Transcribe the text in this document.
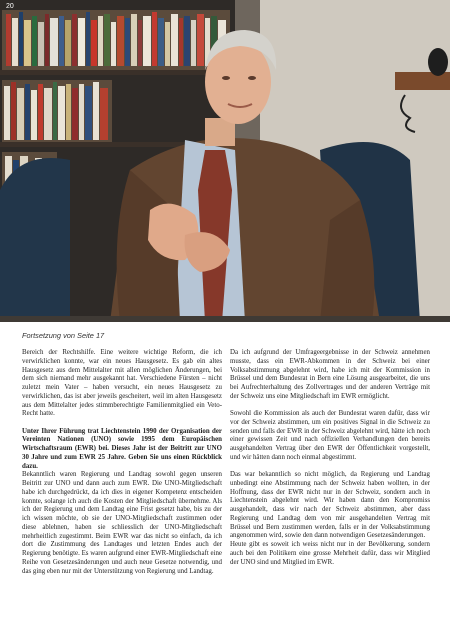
20
Fortsetzung von Seite 17

Bereich der Rechtshilfe. Eine weitere wichtige Reform, die ich verwirklichen konnte, war ein neues Hausgesetz. Es gab ein altes Hausgesetz aus dem Mittelalter mit allen möglichen Änderungen, bei dem sich niemand mehr ausgekannt hat. Verschiedene Fürsten – nicht zuletzt mein Vater – haben versucht, ein neues Hausgesetz zu verwirklichen, das ist aber jeweils gescheitert, weil im alten Hausgesetz aus dem Mittelalter jedes stimmberechtigte Familienmitglied ein Veto-Recht hatte.

Unter Ihrer Führung trat Liechtenstein 1990 der Organisation der Vereinten Nationen (UNO) sowie 1995 dem Europäischen Wirtschaftsraum (EWR) bei. Dieses Jahr ist der Beitritt zur UNO 30 Jahre und zum EWR 25 Jahre. Geben Sie uns einen Rückblick dazu.

Bekanntlich waren Regierung und Landtag sowohl gegen unseren Beitritt zur UNO und dann auch zum EWR. Die UNO-Mitgliedschaft habe ich durchgedrückt, da ich dies in eigener Kompetenz entscheiden konnte, solange ich auch die Kosten der Mitgliedschaft übernehme. Als ich der Regierung und dem Landtag eine Frist gesetzt habe, bis zu der ich wissen möchte, ob sie der UNO-Mitgliedschaft zustimmen oder diese ablehnen, haben sie schliesslich der UNO-Mitgliedschaft mehrheitlich zugestimmt. Beim EWR war das nicht so einfach, da ich dort die Zustimmung des Landtages und letzten Endes auch der Regierung benötigte. Es waren aufgrund einer EWR-Mitgliedschaft eine Reihe von Gesetzesänderungen und auch neue Gesetze notwendig, und das ging eben nur mit der Unterstützung von Regierung und Landtag.

Da ich aufgrund der Umfrageergebnisse in der Schweiz annehmen musste, dass ein EWR-Abkommen in der Schweiz bei einer Volksabstimmung abgelehnt wird, habe ich mit der Kommission in Brüssel und dem Bundesrat in Bern eine Lösung ausgearbeitet, die uns bei Aufrechterhaltung des Zollvertrages und der anderen Verträge mit der Schweiz uns eine Mitgliedschaft im EWR ermöglicht.

Sowohl die Kommission als auch der Bundesrat waren dafür, dass wir vor der Schweiz abstimmen, um ein positives Signal in die Schweiz zu senden und falls der EWR in der Schweiz abgelehnt wird, hätte ich noch einer gewissen Zeit und nach offiziellen Verhandlungen den bereits ausgehandelten Vertrag über den EWR der Öffentlichkeit vorgestellt, und wir hätten dann noch einmal abgestimmt.

Das war bekanntlich so nicht möglich, da Regierung und Landtag unbedingt eine Abstimmung nach der Schweiz haben wollten, in der Hoffnung, dass der EWR nicht nur in der Schweiz, sondern auch in Liechtenstein abgelehnt wird. Wir haben dann den Kompromiss ausgehandelt, dass wir nach der Schweiz abstimmen, aber dass Regierung und Landtag dem von mir ausgehandelten Vertrag mit Brüssel und Bern zustimmen werden, falls er in der Volksabstimmung angenommen wird, sowie den dann notwendigen Gesetzesänderungen.

Heute gibt es soweit ich weiss nicht nur in der Bevölkerung, sondern auch bei den Politikern eine grosse Mehrheit dafür, dass wir Mitglied der UNO sind und Mitglied im EWR.
